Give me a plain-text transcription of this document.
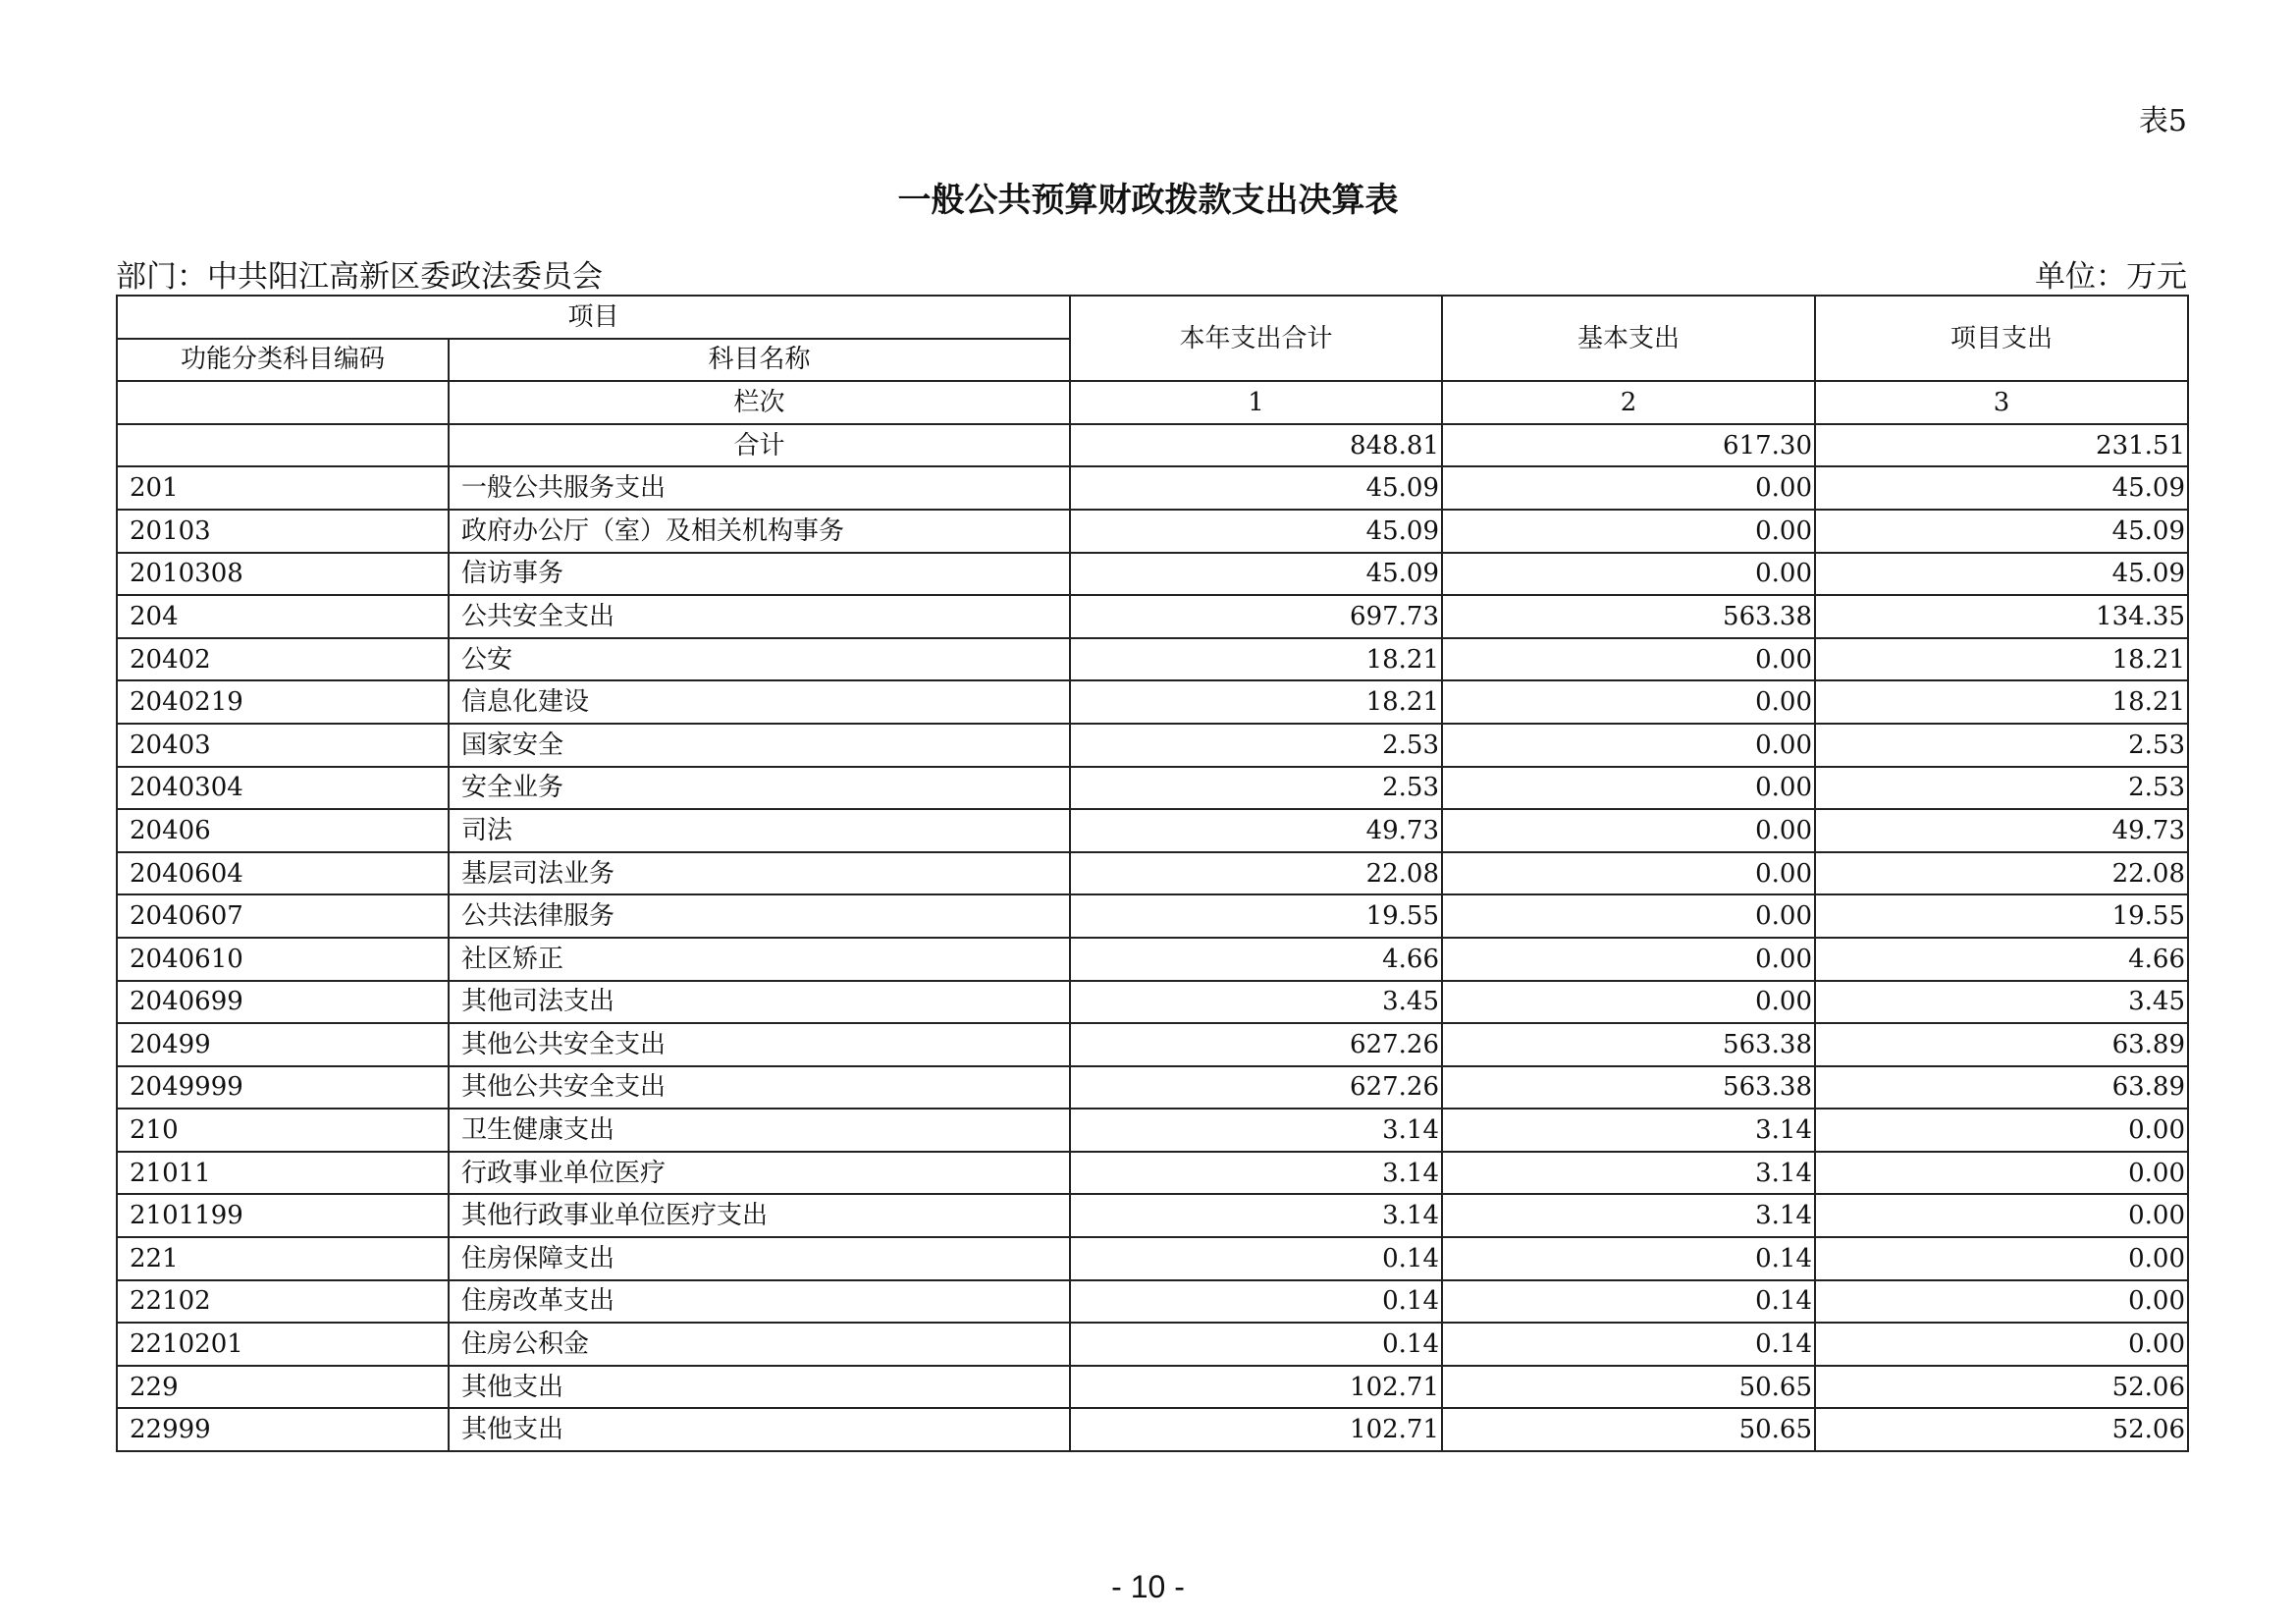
表5
一般公共预算财政拨款支出决算表
部门：中共阳江高新区委政法委员会	单位：万元
项目		本年支出合计	基本支出	项目支出
功能分类科目编码	科目名称			
	栏次	1	2	3
	合计	848.81	617.30	231.51
201	一般公共服务支出	45.09	0.00	45.09
20103	政府办公厅（室）及相关机构事务	45.09	0.00	45.09
2010308	信访事务	45.09	0.00	45.09
204	公共安全支出	697.73	563.38	134.35
20402	公安	18.21	0.00	18.21
2040219	信息化建设	18.21	0.00	18.21
20403	国家安全	2.53	0.00	2.53
2040304	安全业务	2.53	0.00	2.53
20406	司法	49.73	0.00	49.73
2040604	基层司法业务	22.08	0.00	22.08
2040607	公共法律服务	19.55	0.00	19.55
2040610	社区矫正	4.66	0.00	4.66
2040699	其他司法支出	3.45	0.00	3.45
20499	其他公共安全支出	627.26	563.38	63.89
2049999	其他公共安全支出	627.26	563.38	63.89
210	卫生健康支出	3.14	3.14	0.00
21011	行政事业单位医疗	3.14	3.14	0.00
2101199	其他行政事业单位医疗支出	3.14	3.14	0.00
221	住房保障支出	0.14	0.14	0.00
22102	住房改革支出	0.14	0.14	0.00
2210201	住房公积金	0.14	0.14	0.00
229	其他支出	102.71	50.65	52.06
22999	其他支出	102.71	50.65	52.06
- 10 -
